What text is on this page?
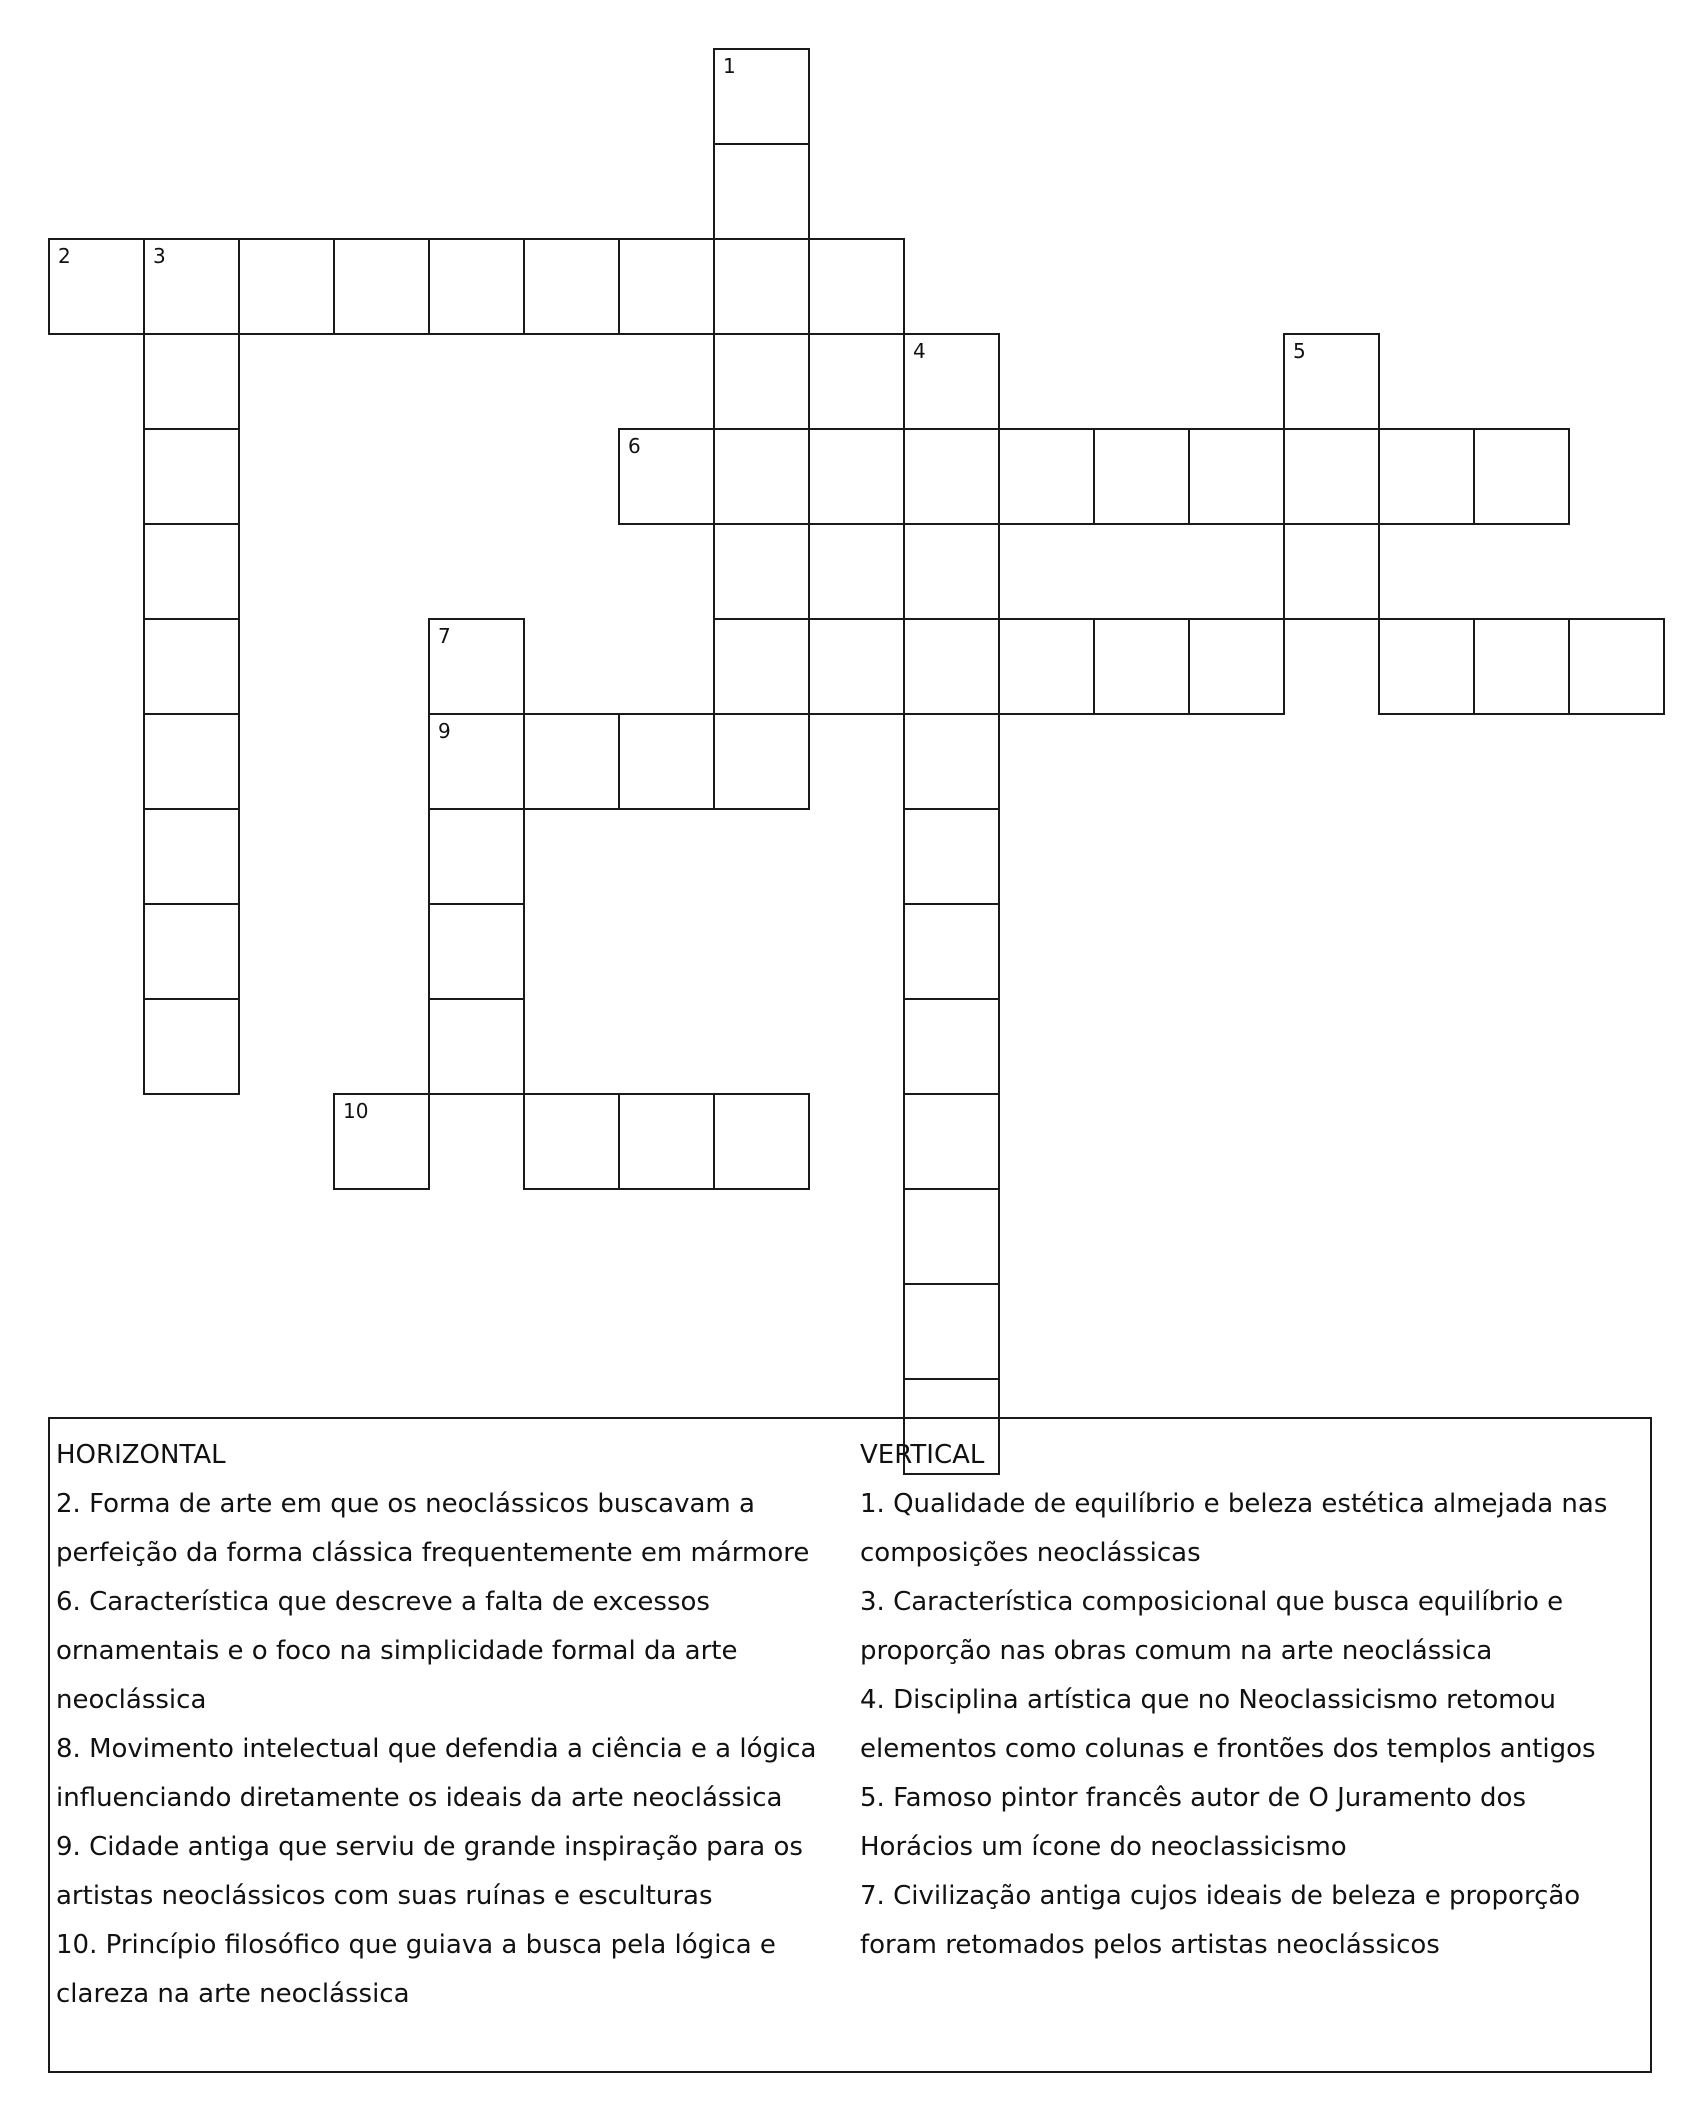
1
2	3
4	5
6
7
9
10
HORIZONTAL
2. Forma de arte em que os neoclássicos buscavam a
perfeição da forma clássica frequentemente em mármore
6. Característica que descreve a falta de excessos
ornamentais e o foco na simplicidade formal da arte
neoclássica
8. Movimento intelectual que defendia a ciência e a lógica
influenciando diretamente os ideais da arte neoclássica
9. Cidade antiga que serviu de grande inspiração para os
artistas neoclássicos com suas ruínas e esculturas
10. Princípio filosófico que guiava a busca pela lógica e
clareza na arte neoclássica
VERTICAL
1. Qualidade de equilíbrio e beleza estética almejada nas
composições neoclássicas
3. Característica composicional que busca equilíbrio e
proporção nas obras comum na arte neoclássica
4. Disciplina artística que no Neoclassicismo retomou
elementos como colunas e frontões dos templos antigos
5. Famoso pintor francês autor de O Juramento dos
Horácios um ícone do neoclassicismo
7. Civilização antiga cujos ideais de beleza e proporção
foram retomados pelos artistas neoclássicos
